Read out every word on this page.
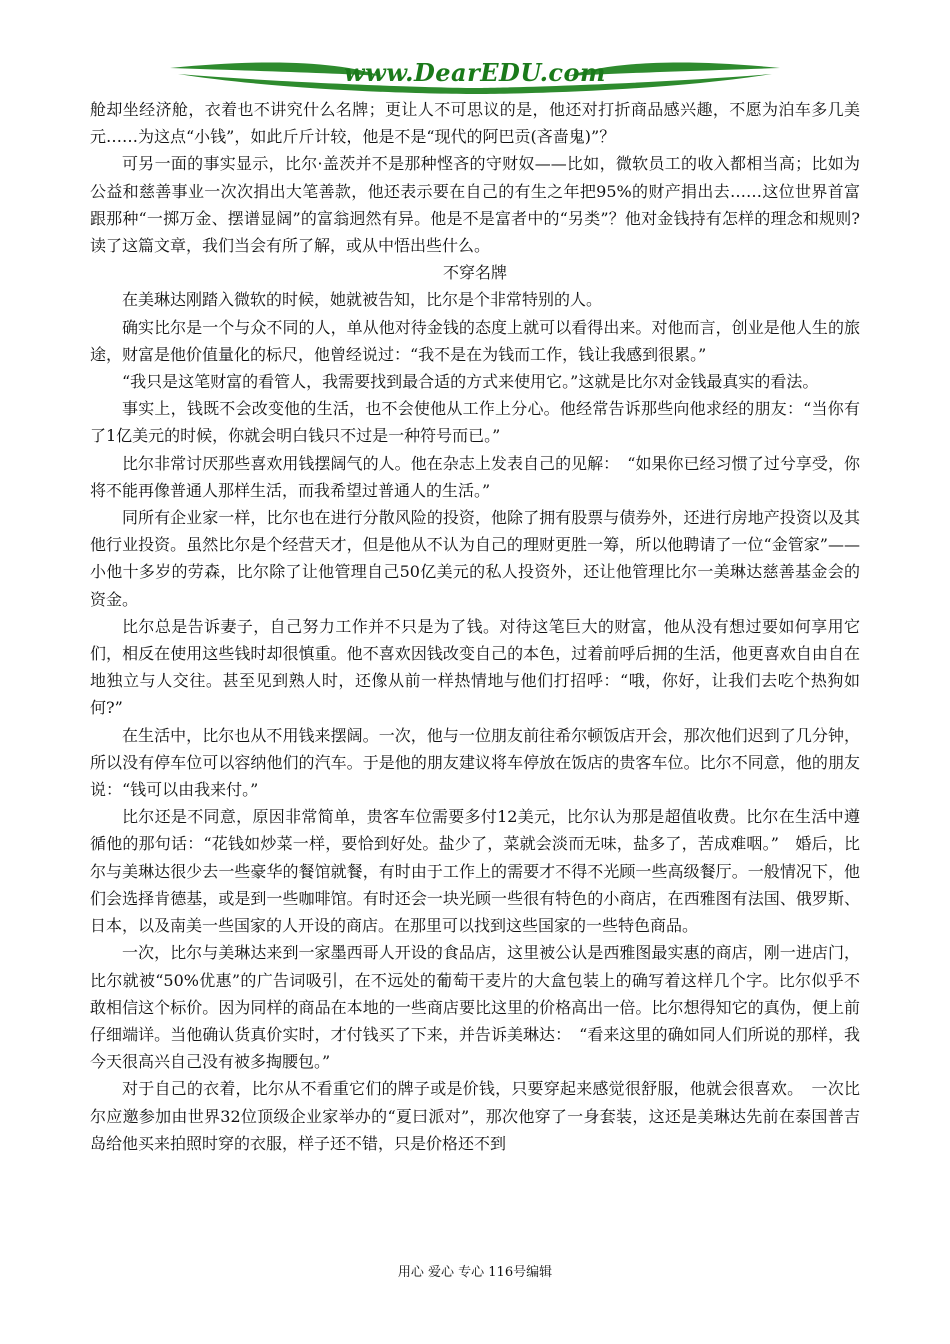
www.DearEDU.com

舱却坐经济舱，衣着也不讲究什么名牌；更让人不可思议的是，他还对打折商品感兴趣，不愿为泊车多几美元……为这点“小钱”，如此斤斤计较，他是不是“现代的阿巴贡(吝啬鬼)”？

可另一面的事实显示，比尔·盖茨并不是那种悭吝的守财奴——比如，微软员工的收入都相当高；比如为公益和慈善事业一次次捐出大笔善款，他还表示要在自己的有生之年把95%的财产捐出去……这位世界首富跟那种“一掷万金、摆谱显阔”的富翁迥然有异。他是不是富者中的“另类”？他对金钱持有怎样的理念和规则?读了这篇文章，我们当会有所了解，或从中悟出些什么。

不穿名牌

在美琳达刚踏入微软的时候，她就被告知，比尔是个非常特别的人。

确实比尔是一个与众不同的人，单从他对待金钱的态度上就可以看得出来。对他而言，创业是他人生的旅途，财富是他价值量化的标尺，他曾经说过：“我不是在为钱而工作，钱让我感到很累。”

“我只是这笔财富的看管人，我需要找到最合适的方式来使用它。”这就是比尔对金钱最真实的看法。

事实上，钱既不会改变他的生活，也不会使他从工作上分心。他经常告诉那些向他求经的朋友：“当你有了1亿美元的时候，你就会明白钱只不过是一种符号而已。”

比尔非常讨厌那些喜欢用钱摆阔气的人。他在杂志上发表自己的见解：　“如果你已经习惯了过兮享受，你将不能再像普通人那样生活，而我希望过普通人的生活。”

同所有企业家一样，比尔也在进行分散风险的投资，他除了拥有股票与债券外，还进行房地产投资以及其他行业投资。虽然比尔是个经营天才，但是他从不认为自己的理财更胜一筹，所以他聘请了一位“金管家”——小他十多岁的劳森，比尔除了让他管理自己50亿美元的私人投资外，还让他管理比尔一美琳达慈善基金会的资金。

比尔总是告诉妻子，自己努力工作并不只是为了钱。对待这笔巨大的财富，他从没有想过要如何享用它们，相反在使用这些钱时却很慎重。他不喜欢因钱改变自己的本色，过着前呼后拥的生活，他更喜欢自由自在地独立与人交往。甚至见到熟人时，还像从前一样热情地与他们打招呼：“哦，你好，让我们去吃个热狗如何?”

在生活中，比尔也从不用钱来摆阔。一次，他与一位朋友前往希尔顿饭店开会，那次他们迟到了几分钟，所以没有停车位可以容纳他们的汽车。于是他的朋友建议将车停放在饭店的贵客车位。比尔不同意，他的朋友说：“钱可以由我来付。”

比尔还是不同意，原因非常简单，贵客车位需要多付12美元，比尔认为那是超值收费。比尔在生活中遵循他的那句话：“花钱如炒菜一样，要恰到好处。盐少了，菜就会淡而无味，盐多了，苦成难咽。”　婚后，比尔与美琳达很少去一些豪华的餐馆就餐，有时由于工作上的需要才不得不光顾一些高级餐厅。一般情况下，他们会选择肯德基，或是到一些咖啡馆。有时还会一块光顾一些很有特色的小商店，在西雅图有法国、俄罗斯、日本，以及南美一些国家的人开设的商店。在那里可以找到这些国家的一些特色商品。

一次，比尔与美琳达来到一家墨西哥人开设的食品店，这里被公认是西雅图最实惠的商店，刚一进店门，比尔就被“50%优惠”的广告词吸引，在不远处的葡萄干麦片的大盒包装上的确写着这样几个字。比尔似乎不敢相信这个标价。因为同样的商品在本地的一些商店要比这里的价格高出一倍。比尔想得知它的真伪，便上前仔细端详。当他确认货真价实时，才付钱买了下来，并告诉美琳达：　“看来这里的确如同人们所说的那样，我今天很高兴自己没有被多掏腰包。”

对于自己的衣着，比尔从不看重它们的牌子或是价钱，只要穿起来感觉很舒服，他就会很喜欢。　一次比尔应邀参加由世界32位顶级企业家举办的“夏曰派对”，那次他穿了一身套装，这还是美琳达先前在泰国普吉岛给他买来拍照时穿的衣服，样子还不错，只是价格还不到

用心 爱心 专心 116号编辑
